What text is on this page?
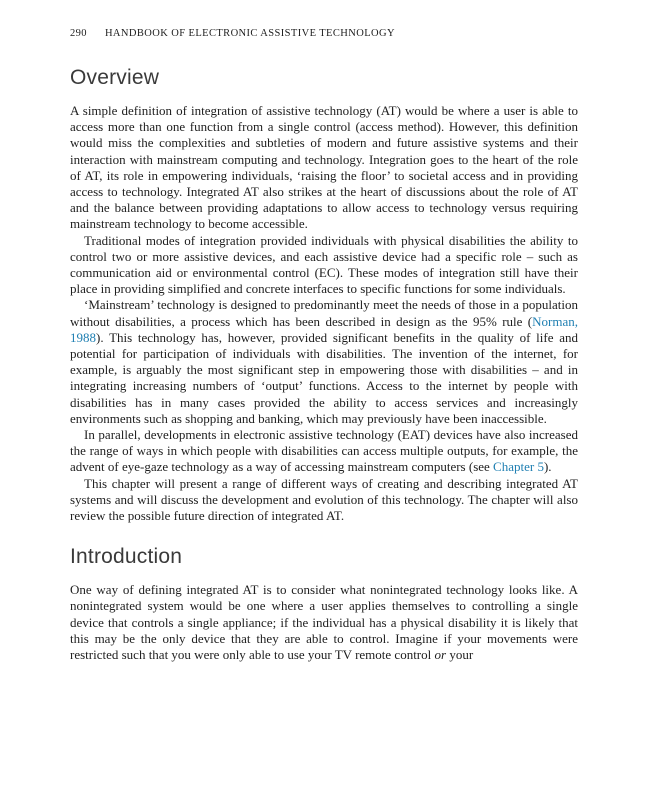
290 HANDBOOK OF ELECTRONIC ASSISTIVE TECHNOLOGY
Overview

A simple definition of integration of assistive technology (AT) would be where a user is able to access more than one function from a single control (access method). However, this definition would miss the complexities and subtleties of modern and future assistive systems and their interaction with mainstream computing and technology. Integration goes to the heart of the role of AT, its role in empowering individuals, ‘raising the floor’ to societal access and in providing access to technology. Integrated AT also strikes at the heart of discussions about the role of AT and the balance between providing adaptations to allow access to technology versus requiring mainstream technology to become accessible.

Traditional modes of integration provided individuals with physical disabilities the ability to control two or more assistive devices, and each assistive device had a specific role – such as communication aid or environmental control (EC). These modes of integration still have their place in providing simplified and concrete interfaces to specific functions for some individuals.

‘Mainstream’ technology is designed to predominantly meet the needs of those in a population without disabilities, a process which has been described in design as the 95% rule (Norman, 1988). This technology has, however, provided significant benefits in the quality of life and potential for participation of individuals with disabilities. The invention of the internet, for example, is arguably the most significant step in empowering those with disabilities – and in integrating increasing numbers of ‘output’ functions. Access to the internet by people with disabilities has in many cases provided the ability to access services and increasingly environments such as shopping and banking, which may previously have been inaccessible.

In parallel, developments in electronic assistive technology (EAT) devices have also increased the range of ways in which people with disabilities can access multiple outputs, for example, the advent of eye-gaze technology as a way of accessing mainstream computers (see Chapter 5).

This chapter will present a range of different ways of creating and describing integrated AT systems and will discuss the development and evolution of this technology. The chapter will also review the possible future direction of integrated AT.

Introduction

One way of defining integrated AT is to consider what nonintegrated technology looks like. A nonintegrated system would be one where a user applies themselves to controlling a single device that controls a single appliance; if the individual has a physical disability it is likely that this may be the only device that they are able to control. Imagine if your movements were restricted such that you were only able to use your TV remote control or your
